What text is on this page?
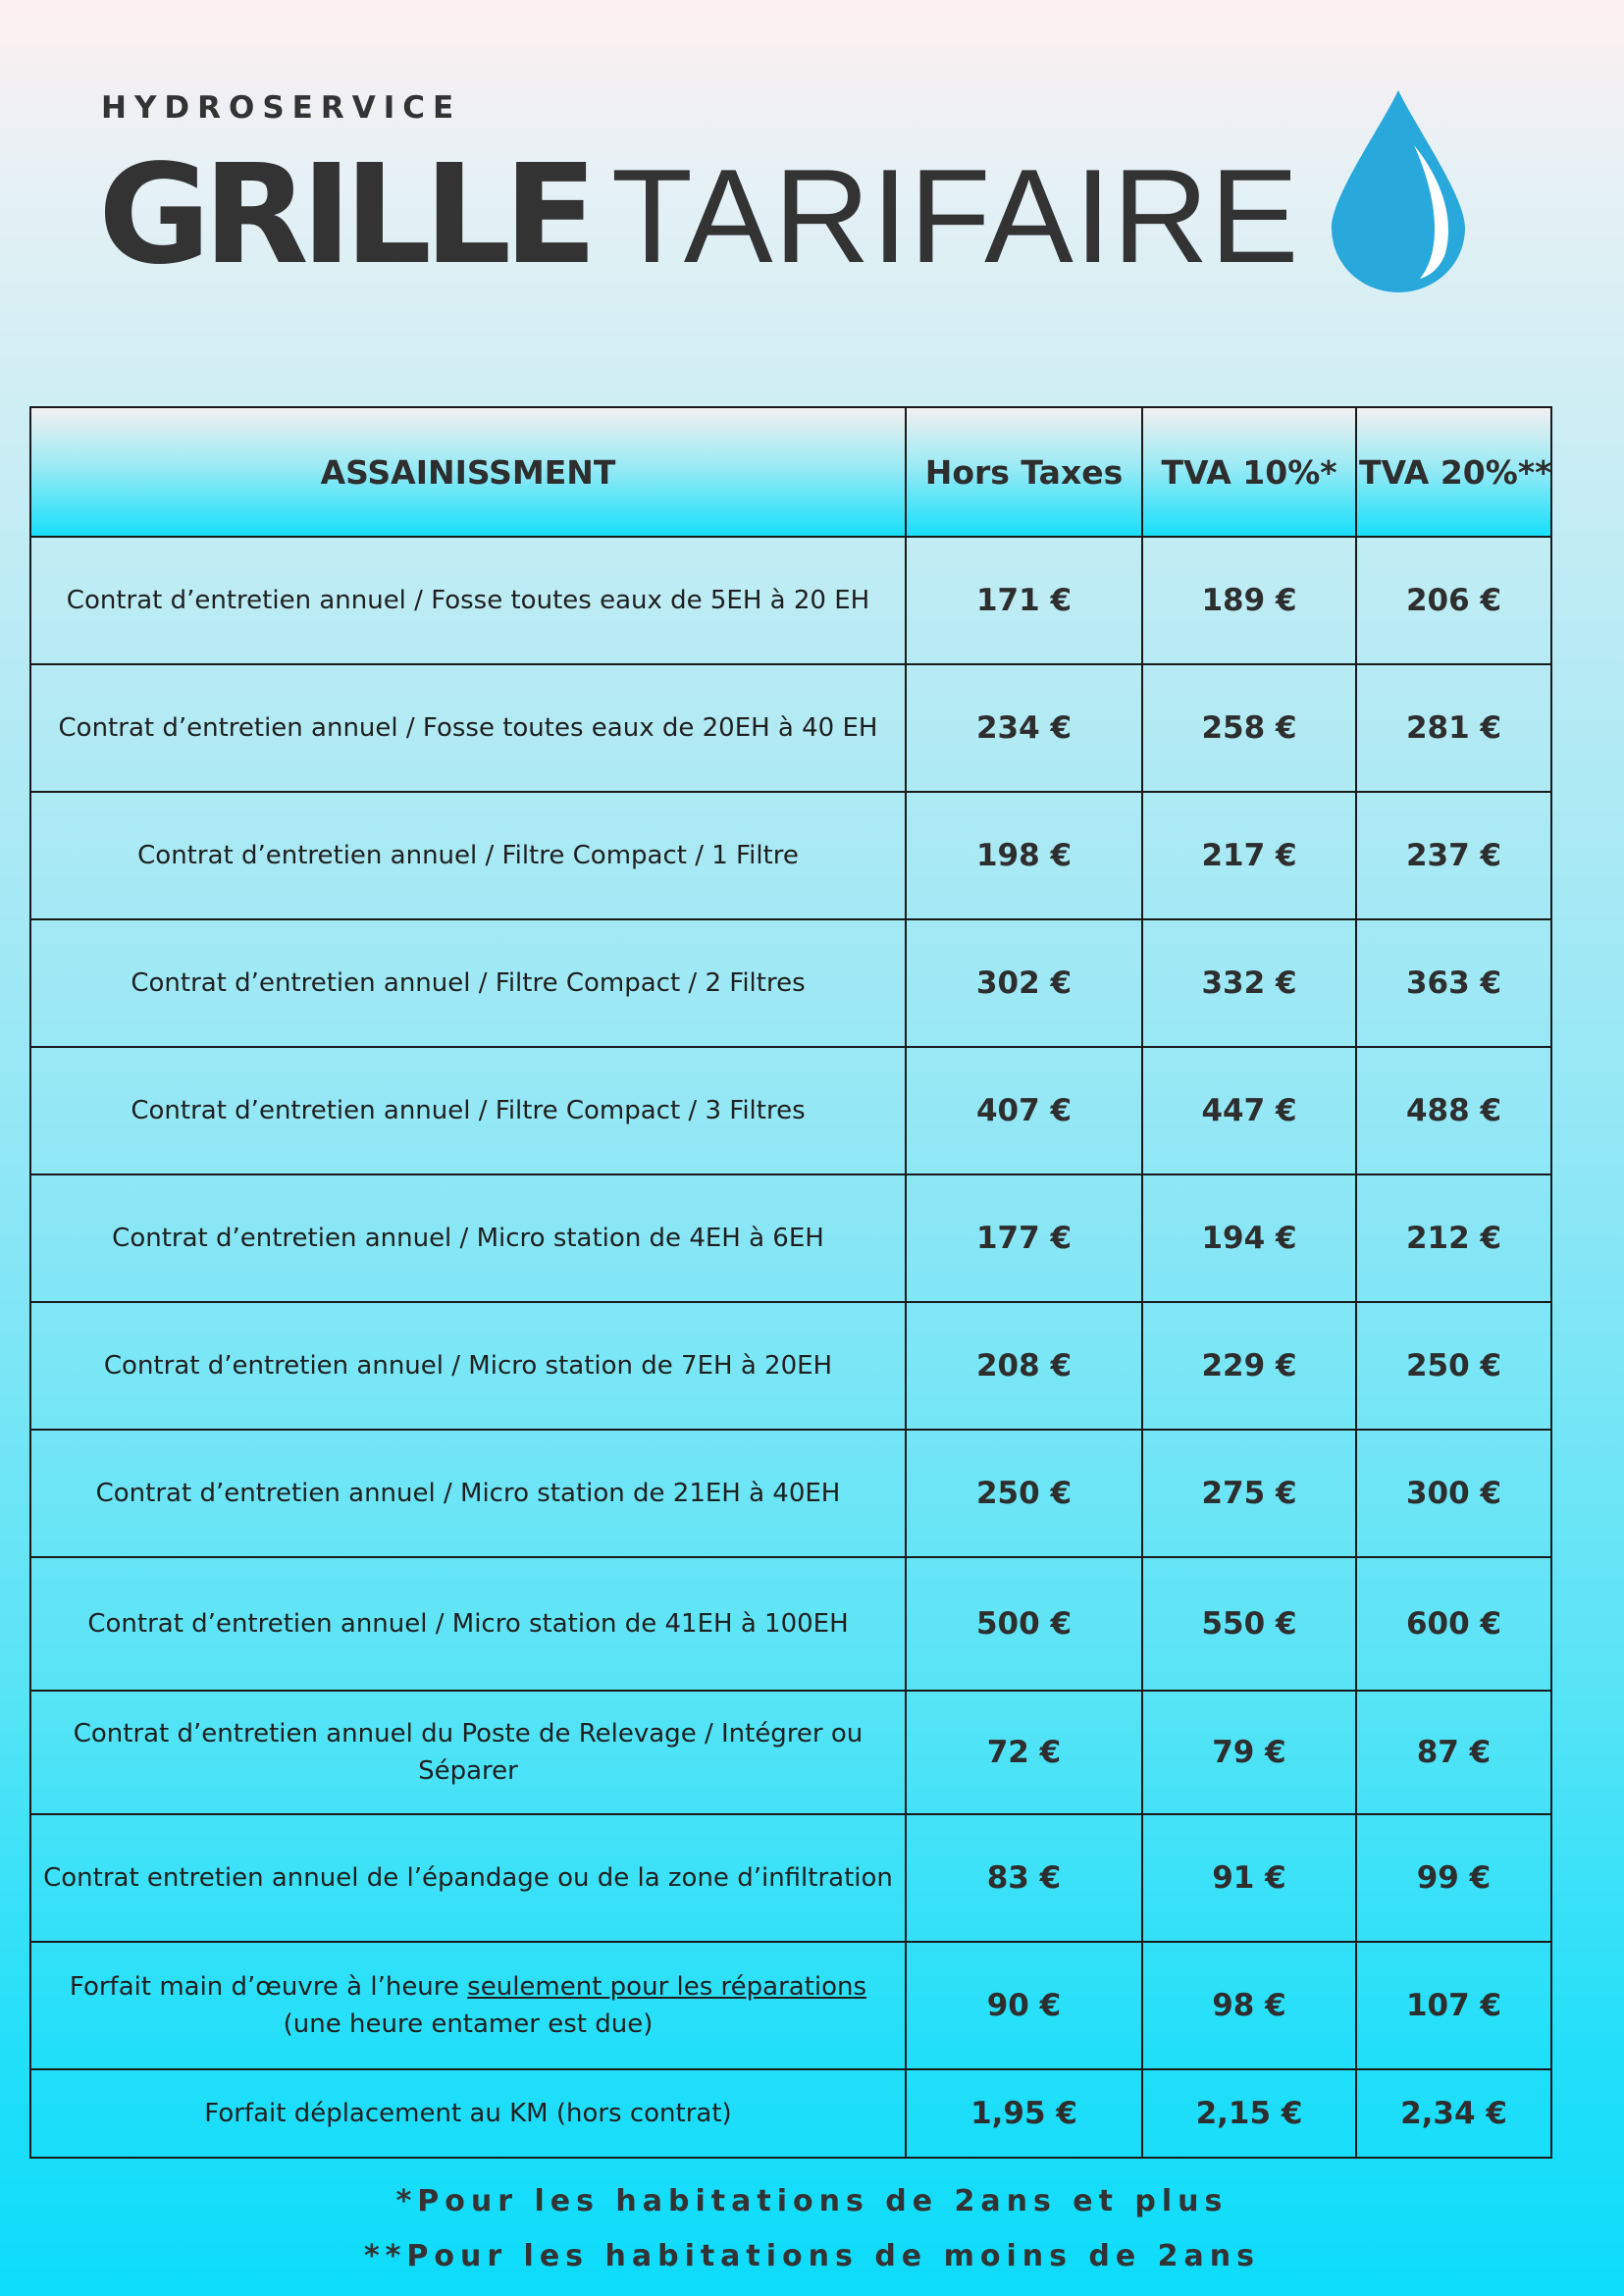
HYDROSERVICE

GRILLE TARIFAIRE
ASSAINISSMENT	Hors Taxes	TVA 10%*	TVA 20%**
Contrat d’entretien annuel / Fosse toutes eaux de 5EH à 20 EH	171 €	189 €	206 €
Contrat d’entretien annuel / Fosse toutes eaux de 20EH à 40 EH	234 €	258 €	281 €
Contrat d’entretien annuel / Filtre Compact / 1 Filtre	198 €	217 €	237 €
Contrat d’entretien annuel / Filtre Compact / 2 Filtres	302 €	332 €	363 €
Contrat d’entretien annuel / Filtre Compact / 3 Filtres	407 €	447 €	488 €
Contrat d’entretien annuel / Micro station de 4EH à 6EH	177 €	194 €	212 €
Contrat d’entretien annuel / Micro station de 7EH à 20EH	208 €	229 €	250 €
Contrat d’entretien annuel / Micro station de 21EH à 40EH	250 €	275 €	300 €
Contrat d’entretien annuel / Micro station de 41EH à 100EH	500 €	550 €	600 €
Contrat d’entretien annuel du Poste de Relevage / Intégrer ou Séparer	72 €	79 €	87 €
Contrat entretien annuel de l’épandage ou de la zone d’infiltration	83 €	91 €	99 €
Forfait main d’œuvre à l’heure seulement pour les réparations (une heure entamer est due)	90 €	98 €	107 €
Forfait déplacement au KM (hors contrat)	1,95 €	2,15 €	2,34 €

*Pour les habitations de 2ans et plus

**Pour les habitations de moins de 2ans
